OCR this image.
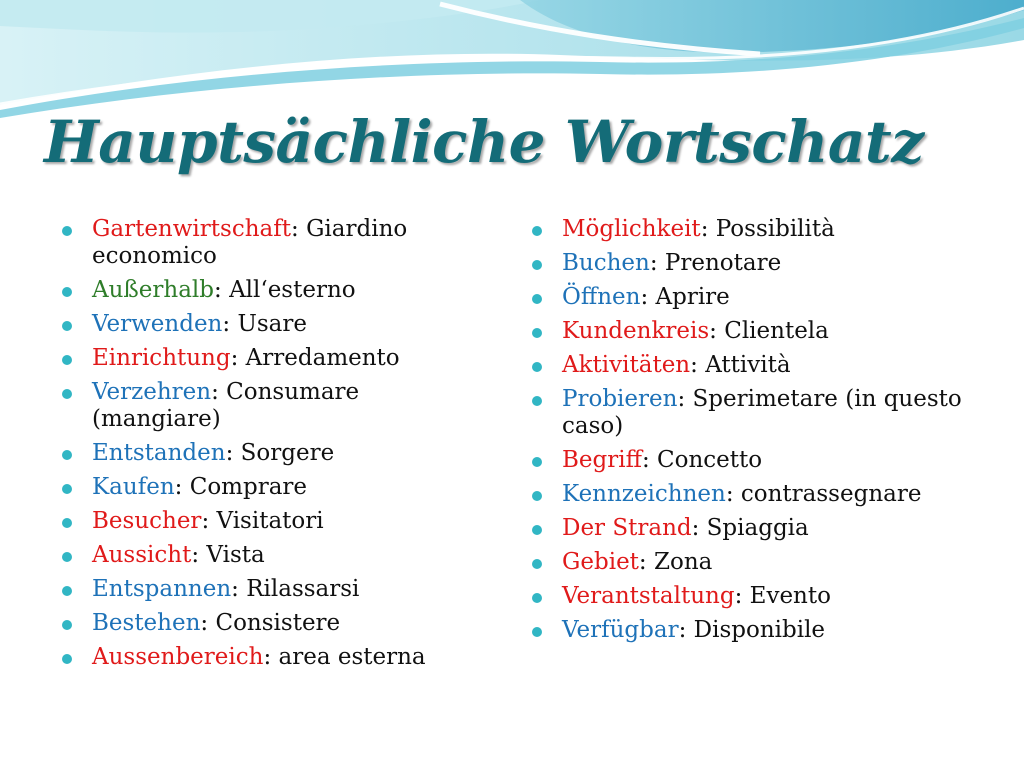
Hauptsächliche Wortschatz
Gartenwirtschaft: Giardino economico
Außerhalb: All‘esterno
Verwenden: Usare
Einrichtung: Arredamento
Verzehren: Consumare (mangiare)
Entstanden: Sorgere
Kaufen: Comprare
Besucher: Visitatori
Aussicht: Vista
Entspannen: Rilassarsi
Bestehen: Consistere
Aussenbereich: area esterna
Möglichkeit: Possibilità
Buchen: Prenotare
Öffnen: Aprire
Kundenkreis: Clientela
Aktivitäten: Attività
Probieren: Sperimetare (in questo caso)
Begriff: Concetto
Kennzeichnen: contrassegnare
Der Strand: Spiaggia
Gebiet: Zona
Verantstaltung: Evento
Verfügbar: Disponibile
